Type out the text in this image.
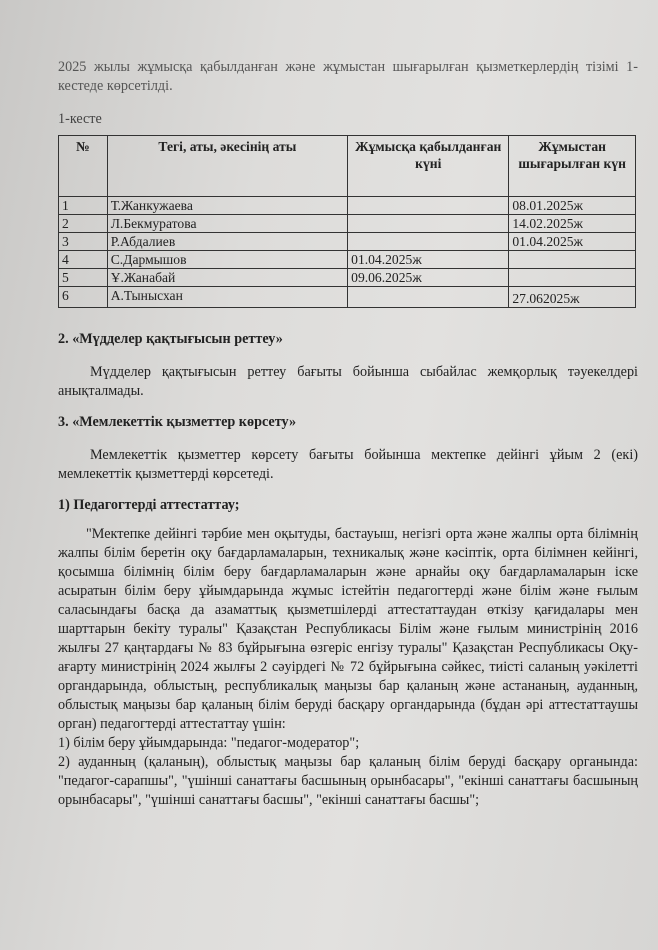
2025 жылы жұмысқа қабылданған және жұмыстан шығарылған қызметкерлердің тізімі 1-кестеде көрсетілді.

1-кесте

№	Тегі, аты, әкесінің аты	Жұмысқа қабылданған күні	Жұмыстан шығарылған күн
1	Т.Жанкужаева		08.01.2025ж
2	Л.Бекмуратова		14.02.2025ж
3	Р.Абдалиев		01.04.2025ж
4	С.Дармышов	01.04.2025ж	
5	Ұ.Жанабай	09.06.2025ж	
6	А.Тынысхан		27.062025ж

2. «Мүдделер қақтығысын реттеу»

Мүдделер қақтығысын реттеу бағыты бойынша сыбайлас жемқорлық тәуекелдері анықталмады.

3. «Мемлекеттік қызметтер көрсету»

Мемлекеттік қызметтер көрсету бағыты бойынша мектепке дейінгі ұйым 2 (екі) мемлекеттік қызметтерді көрсетеді.

1) Педагогтерді аттестаттау;

"Мектепке дейінгі тәрбие мен оқытуды, бастауыш, негізгі орта және жалпы орта білімнің жалпы білім беретін оқу бағдарламаларын, техникалық және кәсіптік, орта білімнен кейінгі, қосымша білімнің білім беру бағдарламаларын және арнайы оқу бағдарламаларын іске асыратын білім беру ұйымдарында жұмыс істейтін педагогтерді және білім және ғылым саласындағы басқа да азаматтық қызметшілерді аттестаттаудан өткізу қағидалары мен шарттарын бекіту туралы" Қазақстан Республикасы Білім және ғылым министрінің 2016 жылғы 27 қаңтардағы № 83 бұйрығына өзгеріс енгізу туралы" Қазақстан Республикасы Оқу-ағарту министрінің 2024 жылғы 2 сәуірдегі № 72 бұйрығына сәйкес, тиісті саланың уәкілетті органдарында, облыстың, республикалық маңызы бар қаланың және астананың, ауданның, облыстық маңызы бар қаланың білім беруді басқару органдарында (бұдан әрі аттестаттаушы орган) педагогтерді аттестаттау үшін:

1) білім беру ұйымдарында: "педагог-модератор";

2) ауданның (қаланың), облыстық маңызы бар қаланың білім беруді басқару органында: "педагог-сарапшы", "үшінші санаттағы басшының орынбасары", "екінші санаттағы басшының орынбасары", "үшінші санаттағы басшы", "екінші санаттағы басшы";
